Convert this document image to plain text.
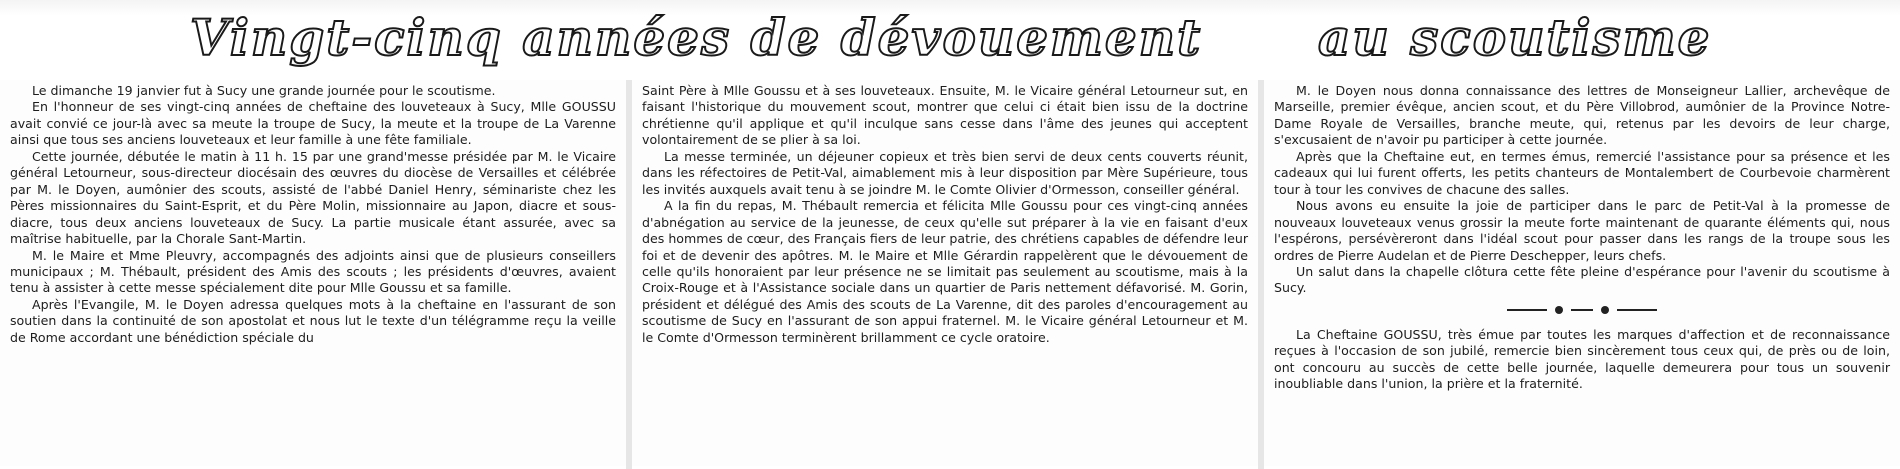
Vingt-cinq années de dévouement au scoutisme

Le dimanche 19 janvier fut à Sucy une grande journée pour le scoutisme.

En l'honneur de ses vingt-cinq années de cheftaine des louveteaux à Sucy, Mlle GOUSSU avait convié ce jour-là avec sa meute la troupe de Sucy, la meute et la troupe de La Varenne ainsi que tous ses anciens louveteaux et leur famille à une fête familiale.

Cette journée, débutée le matin à 11 h. 15 par une grand'messe présidée par M. le Vicaire général Letourneur, sous-directeur diocésain des œuvres du diocèse de Versailles et célébrée par M. le Doyen, aumônier des scouts, assisté de l'abbé Daniel Henry, séminariste chez les Pères missionnaires du Saint-Esprit, et du Père Molin, missionnaire au Japon, diacre et sous-diacre, tous deux anciens louveteaux de Sucy. La partie musicale étant assurée, avec sa maîtrise habituelle, par la Chorale Sant-Martin.

M. le Maire et Mme Pleuvry, accompagnés des adjoints ainsi que de plusieurs conseillers municipaux ; M. Thébault, président des Amis des scouts ; les présidents d'œuvres, avaient tenu à assister à cette messe spécialement dite pour Mlle Goussu et sa famille.

Après l'Evangile, M. le Doyen adressa quelques mots à la cheftaine en l'assurant de son soutien dans la continuité de son apostolat et nous lut le texte d'un télégramme reçu la veille de Rome accordant une bénédiction spéciale du

Saint Père à Mlle Goussu et à ses louveteaux. Ensuite, M. le Vicaire général Letourneur sut, en faisant l'historique du mouvement scout, montrer que celui ci était bien issu de la doctrine chrétienne qu'il applique et qu'il inculque sans cesse dans l'âme des jeunes qui acceptent volontairement de se plier à sa loi.

La messe terminée, un déjeuner copieux et très bien servi de deux cents couverts réunit, dans les réfectoires de Petit-Val, aimablement mis à leur disposition par Mère Supérieure, tous les invités auxquels avait tenu à se joindre M. le Comte Olivier d'Ormesson, conseiller général.

A la fin du repas, M. Thébault remercia et félicita Mlle Goussu pour ces vingt-cinq années d'abnégation au service de la jeunesse, de ceux qu'elle sut préparer à la vie en faisant d'eux des hommes de cœur, des Français fiers de leur patrie, des chrétiens capables de défendre leur foi et de devenir des apôtres. M. le Maire et Mlle Gérardin rappelèrent que le dévouement de celle qu'ils honoraient par leur présence ne se limitait pas seulement au scoutisme, mais à la Croix-Rouge et à l'Assistance sociale dans un quartier de Paris nettement défavorisé. M. Gorin, président et délégué des Amis des scouts de La Varenne, dit des paroles d'encouragement au scoutisme de Sucy en l'assurant de son appui fraternel. M. le Vicaire général Letourneur et M. le Comte d'Ormesson terminèrent brillamment ce cycle oratoire.

M. le Doyen nous donna connaissance des lettres de Monseigneur Lallier, archevêque de Marseille, premier évêque, ancien scout, et du Père Villobrod, aumônier de la Province Notre-Dame Royale de Versailles, branche meute, qui, retenus par les devoirs de leur charge, s'excusaient de n'avoir pu participer à cette journée.

Après que la Cheftaine eut, en termes émus, remercié l'assistance pour sa présence et les cadeaux qui lui furent offerts, les petits chanteurs de Montalembert de Courbevoie charmèrent tour à tour les convives de chacune des salles.

Nous avons eu ensuite la joie de participer dans le parc de Petit-Val à la promesse de nouveaux louveteaux venus grossir la meute forte maintenant de quarante éléments qui, nous l'espérons, persévèreront dans l'idéal scout pour passer dans les rangs de la troupe sous les ordres de Pierre Audelan et de Pierre Deschepper, leurs chefs.

Un salut dans la chapelle clôtura cette fête pleine d'espérance pour l'avenir du scoutisme à Sucy.

La Cheftaine GOUSSU, très émue par toutes les marques d'affection et de reconnaissance reçues à l'occasion de son jubilé, remercie bien sincèrement tous ceux qui, de près ou de loin, ont concouru au succès de cette belle journée, laquelle demeurera pour tous un souvenir inoubliable dans l'union, la prière et la fraternité.
